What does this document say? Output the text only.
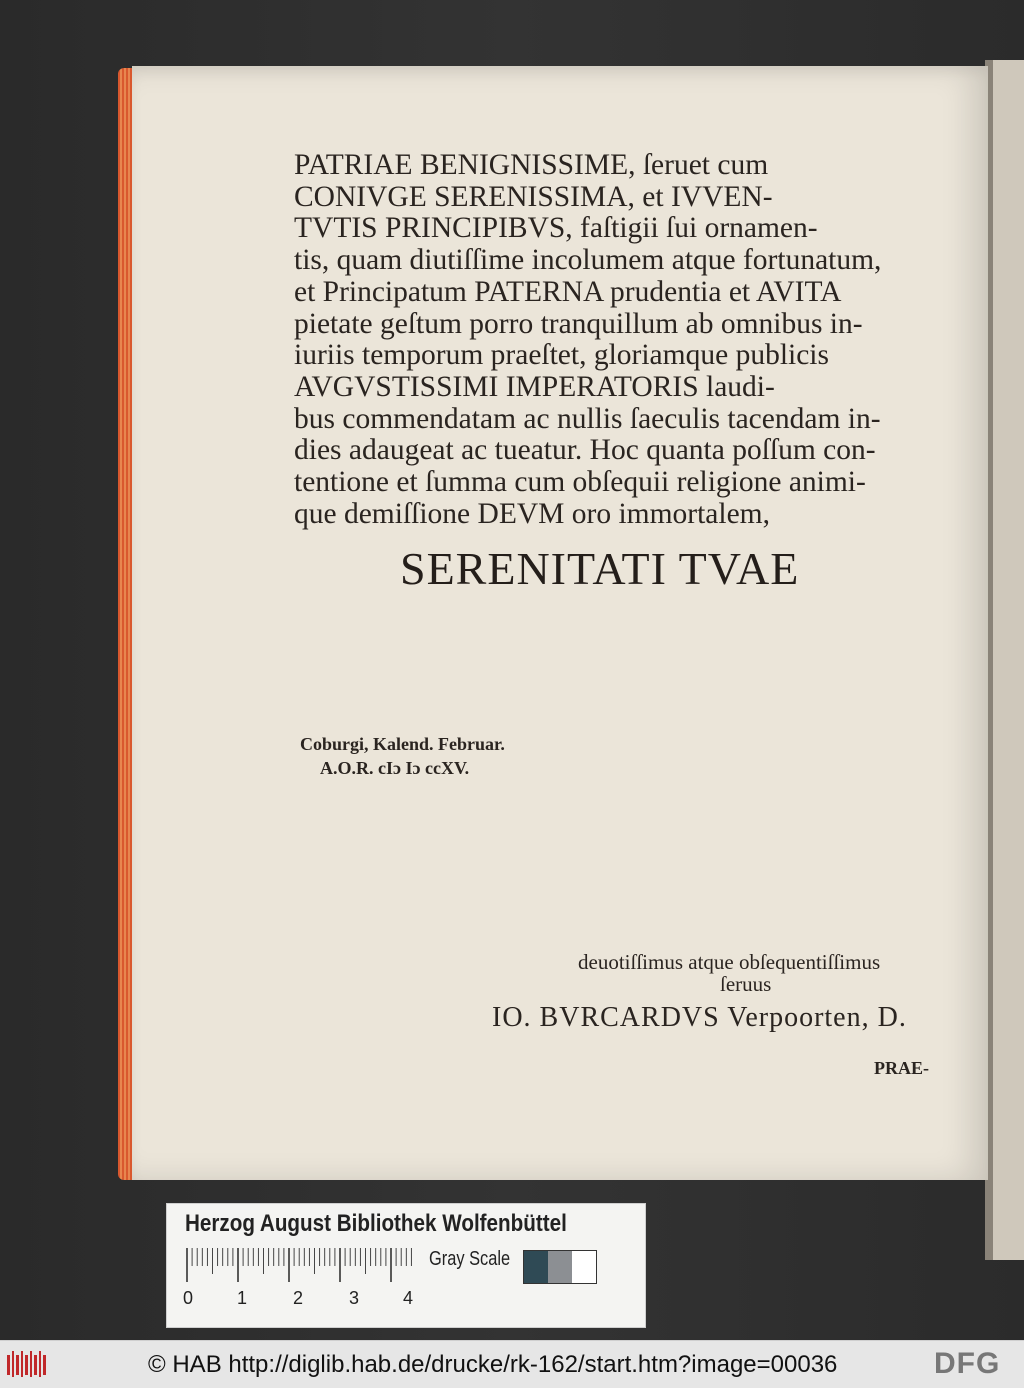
PATRIAE BENIGNISSIME, ſeruet cum

CONIVGE SERENISSIMA, et IVVEN-

TVTIS PRINCIPIBVS, faſtigii ſui ornamen-

tis, quam diutiſſime incolumem atque fortunatum,

et Principatum PATERNA prudentia et AVITA

pietate geſtum porro tranquillum ab omnibus in-

iuriis temporum praeſtet, gloriamque publicis

AVGVSTISSIMI IMPERATORIS laudi-

bus commendatam ac nullis ſaeculis tacendam in-

dies adaugeat ac tueatur. Hoc quanta poſſum con-

tentione et ſumma cum obſequii religione animi-

que demiſſione DEVM oro immortalem,

SERENITATI TVAE
Coburgi, Kalend. Februar.
A.O.R. cIɔ Iɔ ccXV.
deuotiſſimus atque obſequentiſſimus
ſeruus
IO. BVRCARDVS Verpoorten, D.
PRAE-
Herzog August Bibliothek Wolfenbüttel
0 1	2	3 4
Gray Scale
© HAB http://diglib.hab.de/drucke/rk-162/start.htm?image=00036	DFG
